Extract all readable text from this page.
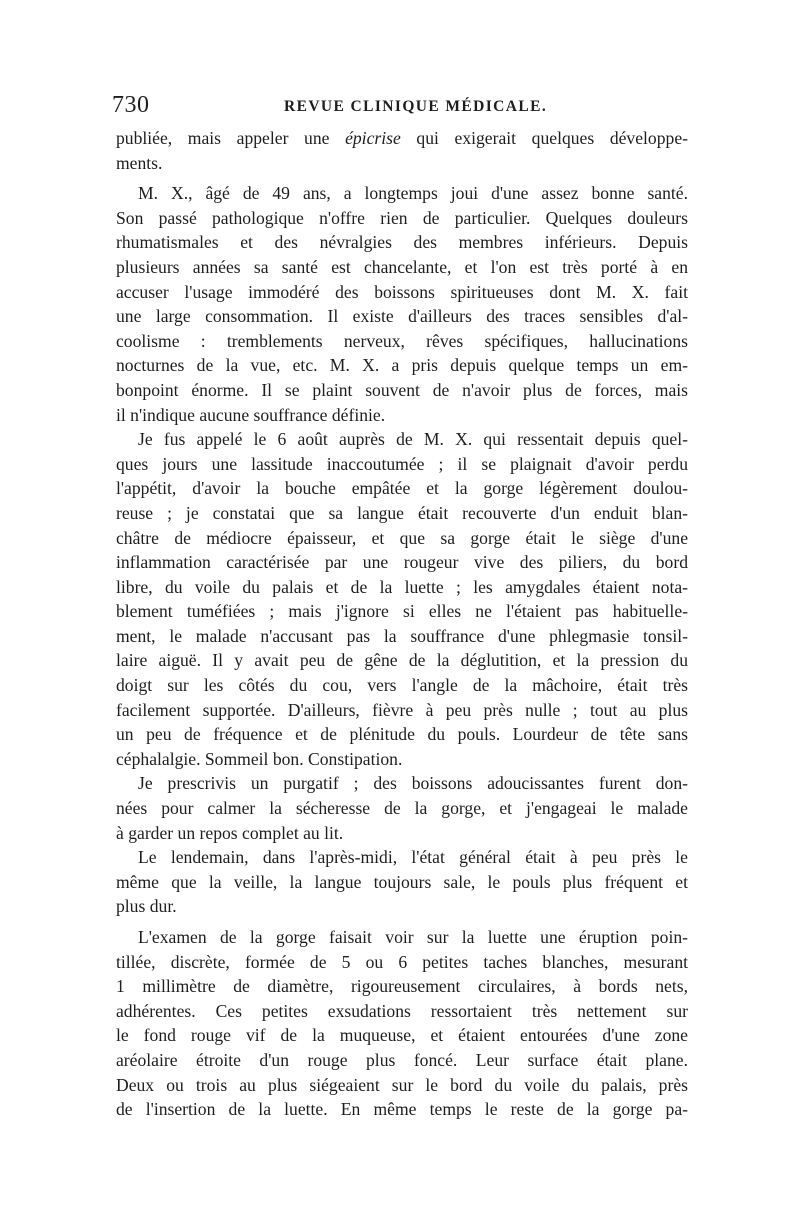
730	REVUE CLINIQUE MÉDICALE.

publiée, mais appeler une épicrise qui exigerait quelques développe-
ments.

M. X., âgé de 49 ans, a longtemps joui d'une assez bonne santé.
Son passé pathologique n'offre rien de particulier. Quelques douleurs
rhumatismales et des névralgies des membres inférieurs. Depuis
plusieurs années sa santé est chancelante, et l'on est très porté à en
accuser l'usage immodéré des boissons spiritueuses dont M. X. fait
une large consommation. Il existe d'ailleurs des traces sensibles d'al-
coolisme : tremblements nerveux, rêves spécifiques, hallucinations
nocturnes de la vue, etc. M. X. a pris depuis quelque temps un em-
bonpoint énorme. Il se plaint souvent de n'avoir plus de forces, mais
il n'indique aucune souffrance définie.

Je fus appelé le 6 août auprès de M. X. qui ressentait depuis quel-
ques jours une lassitude inaccoutumée ; il se plaignait d'avoir perdu
l'appétit, d'avoir la bouche empâtée et la gorge légèrement doulou-
reuse ; je constatai que sa langue était recouverte d'un enduit blan-
châtre de médiocre épaisseur, et que sa gorge était le siège d'une
inflammation caractérisée par une rougeur vive des piliers, du bord
libre, du voile du palais et de la luette ; les amygdales étaient nota-
blement tuméfiées ; mais j'ignore si elles ne l'étaient pas habituelle-
ment, le malade n'accusant pas la souffrance d'une phlegmasie tonsil-
laire aiguë. Il y avait peu de gêne de la déglutition, et la pression du
doigt sur les côtés du cou, vers l'angle de la mâchoire, était très
facilement supportée. D'ailleurs, fièvre à peu près nulle ; tout au plus
un peu de fréquence et de plénitude du pouls. Lourdeur de tête sans
céphalalgie. Sommeil bon. Constipation.

Je prescrivis un purgatif ; des boissons adoucissantes furent don-
nées pour calmer la sécheresse de la gorge, et j'engageai le malade
à garder un repos complet au lit.

Le lendemain, dans l'après-midi, l'état général était à peu près le
même que la veille, la langue toujours sale, le pouls plus fréquent et
plus dur.

L'examen de la gorge faisait voir sur la luette une éruption poin-
tillée, discrète, formée de 5 ou 6 petites taches blanches, mesurant
1 millimètre de diamètre, rigoureusement circulaires, à bords nets,
adhérentes. Ces petites exsudations ressortaient très nettement sur
le fond rouge vif de la muqueuse, et étaient entourées d'une zone
aréolaire étroite d'un rouge plus foncé. Leur surface était plane.
Deux ou trois au plus siégeaient sur le bord du voile du palais, près
de l'insertion de la luette. En même temps le reste de la gorge pa-
